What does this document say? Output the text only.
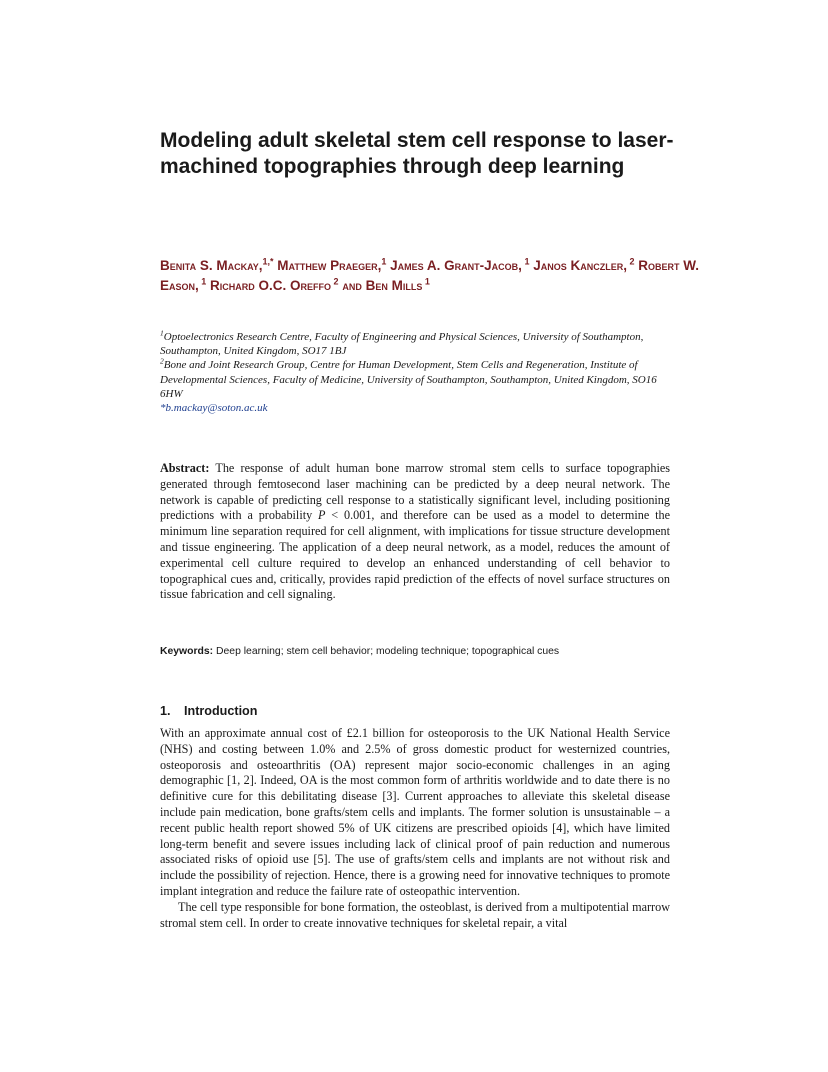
Modeling adult skeletal stem cell response to laser-machined topographies through deep learning

Benita S. Mackay,$^{1,*}$ Matthew Praeger,$^1$ James A. Grant-Jacob, $^1$ Janos Kanczler, $^2$ Robert W. Eason, $^1$ Richard O.C. Oreffo $^2$ and Ben Mills $^1$

$^1$Optoelectronics Research Centre, Faculty of Engineering and Physical Sciences, University of Southampton, Southampton, United Kingdom, SO17 1BJ

$^2$Bone and Joint Research Group, Centre for Human Development, Stem Cells and Regeneration, Institute of Developmental Sciences, Faculty of Medicine, University of Southampton, Southampton, United Kingdom, SO16 6HW

*b.mackay@soton.ac.uk

Abstract: The response of adult human bone marrow stromal stem cells to surface topographies generated through femtosecond laser machining can be predicted by a deep neural network. The network is capable of predicting cell response to a statistically significant level, including positioning predictions with a probability P < 0.001, and therefore can be used as a model to determine the minimum line separation required for cell alignment, with implications for tissue structure development and tissue engineering. The application of a deep neural network, as a model, reduces the amount of experimental cell culture required to develop an enhanced understanding of cell behavior to topographical cues and, critically, provides rapid prediction of the effects of novel surface structures on tissue fabrication and cell signaling.

Keywords: Deep learning; stem cell behavior; modeling technique; topographical cues

1. Introduction

With an approximate annual cost of £2.1 billion for osteoporosis to the UK National Health Service (NHS) and costing between 1.0% and 2.5% of gross domestic product for westernized countries, osteoporosis and osteoarthritis (OA) represent major socio-economic challenges in an aging demographic [1, 2]. Indeed, OA is the most common form of arthritis worldwide and to date there is no definitive cure for this debilitating disease [3]. Current approaches to alleviate this skeletal disease include pain medication, bone grafts/stem cells and implants. The former solution is unsustainable – a recent public health report showed 5% of UK citizens are prescribed opioids [4], which have limited long-term benefit and severe issues including lack of clinical proof of pain reduction and numerous associated risks of opioid use [5]. The use of grafts/stem cells and implants are not without risk and include the possibility of rejection. Hence, there is a growing need for innovative techniques to promote implant integration and reduce the failure rate of osteopathic intervention.

The cell type responsible for bone formation, the osteoblast, is derived from a multipotential marrow stromal stem cell. In order to create innovative techniques for skeletal repair, a vital
